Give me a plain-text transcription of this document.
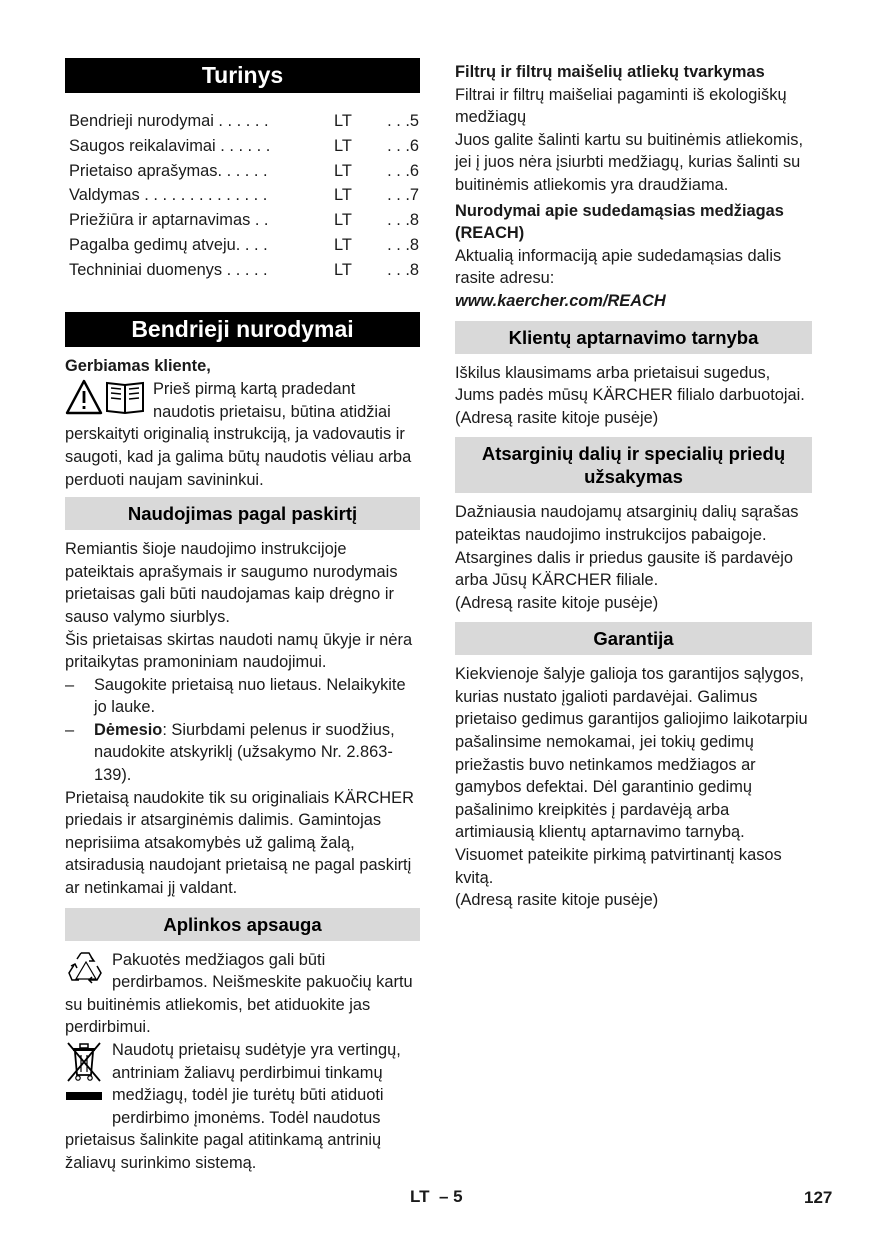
Turinys
Bendrieji nurodymai . . . . . .	LT	. . .5
Saugos reikalavimai . . . . . .	LT	. . .6
Prietaiso aprašymas. . . . . .	LT	. . .6
Valdymas . . . . . . . . . . . . . .	LT	. . .7
Priežiūra ir aptarnavimas . .	LT	. . .8
Pagalba gedimų atveju. . . .	LT	. . .8
Techniniai duomenys . . . . .	LT	. . .8
Bendrieji nurodymai

Gerbiamas kliente,

Prieš pirmą kartą pradedant naudotis prietaisu, būtina atidžiai perskaityti originalią instrukciją, ja vadovautis ir saugoti, kad ja galima būtų naudotis vėliau arba perduoti naujam savininkui.

Naudojimas pagal paskirtį

Remiantis šioje naudojimo instrukcijoje pateiktais aprašymais ir saugumo nurodymais prietaisas gali būti naudojamas kaip drėgno ir sauso valymo siurblys.

Šis prietaisas skirtas naudoti namų ūkyje ir nėra pritaikytas pramoniniam naudojimui.

–	Saugokite prietaisą nuo lietaus. Nelaikykite jo lauke.
–	Dėmesio: Siurbdami pelenus ir suodžius, naudokite atskyriklį (užsakymo Nr. 2.863-139).

Prietaisą naudokite tik su originaliais KÄRCHER priedais ir atsarginėmis dalimis. Gamintojas neprisiima atsakomybės už galimą žalą, atsiradusią naudojant prietaisą ne pagal paskirtį ar netinkamai jį valdant.

Aplinkos apsauga

Pakuotės medžiagos gali būti perdirbamos. Neišmeskite pakuočių kartu su buitinėmis atliekomis, bet atiduokite jas perdirbimui.

Naudotų prietaisų sudėtyje yra vertingų, antriniam žaliavų perdirbimui tinkamų medžiagų, todėl jie turėtų būti atiduoti perdirbimo įmonėms. Todėl naudotus prietaisus šalinkite pagal atitinkamą antrinių žaliavų surinkimo sistemą.

Filtrų ir filtrų maišelių atliekų tvarkymas

Filtrai ir filtrų maišeliai pagaminti iš ekologiškų medžiagų

Juos galite šalinti kartu su buitinėmis atliekomis, jei į juos nėra įsiurbti medžiagų, kurias šalinti su buitinėmis atliekomis yra draudžiama.

Nurodymai apie sudedamąsias medžiagas (REACH)

Aktualią informaciją apie sudedamąsias dalis rasite adresu:

www.kaercher.com/REACH

Klientų aptarnavimo tarnyba

Iškilus klausimams arba prietaisui sugedus, Jums padės mūsų KÄRCHER filialo darbuotojai.

(Adresą rasite kitoje pusėje)

Atsarginių dalių ir specialių priedų užsakymas

Dažniausia naudojamų atsarginių dalių sąrašas pateiktas naudojimo instrukcijos pabaigoje.

Atsargines dalis ir priedus gausite iš pardavėjo arba Jūsų KÄRCHER filiale.

(Adresą rasite kitoje pusėje)

Garantija

Kiekvienoje šalyje galioja tos garantijos sąlygos, kurias nustato įgalioti pardavėjai. Galimus prietaiso gedimus garantijos galiojimo laikotarpiu pašalinsime nemokamai, jei tokių gedimų priežastis buvo netinkamos medžiagos ar gamybos defektai. Dėl garantinio gedimų pašalinimo kreipkitės į pardavėją arba artimiausią klientų aptarnavimo tarnybą. Visuomet pateikite pirkimą patvirtinantį kasos kvitą.

(Adresą rasite kitoje pusėje)

LT – 5	127
